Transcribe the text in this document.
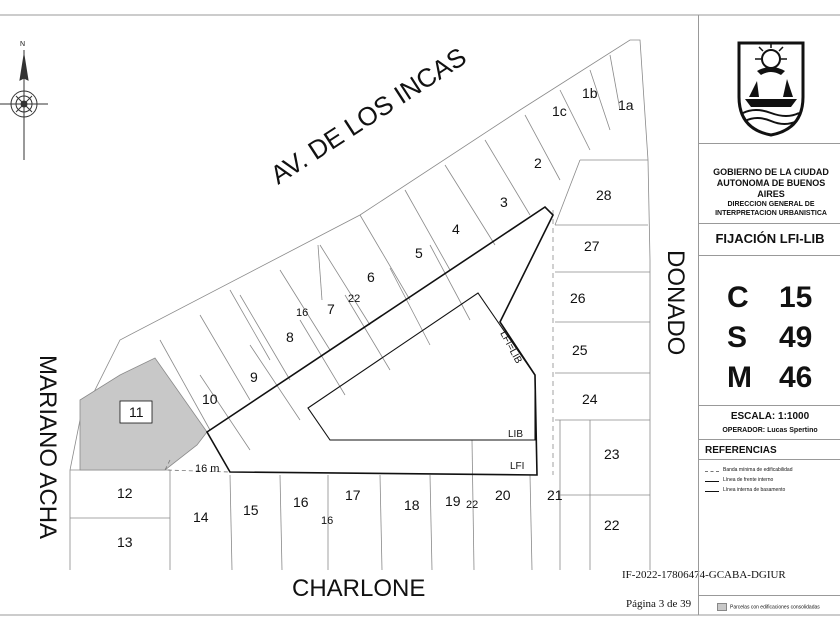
N	AV. DE LOS INCAS
DONADO
MARIANO ACHA
CHARLONE
1a
1b
1c
2
3
4
5
6
7
8
9
10
11
12
13
14 15 16	17
18 19 20	21
22
23
24
25
26
27
28
16
22
16 m
16
22
LFI=LIB
LIB
LFI
IF-2022-17806474-GCABA-DGIUR
Página 3 de 39
GOBIERNO DE LA CIUDAD
AUTONOMA DE BUENOS AIRES
DIRECCION GENERAL DE
INTERPRETACION URBANISTICA
FIJACIÓN LFI-LIB
C 15
S 49
M 46
ESCALA: 1:1000
OPERADOR: Lucas Spertino
REFERENCIAS
Banda mínima de edificabilidad
Línea de frente interno
Línea interna de basamento
Parcelas con edificaciones consolidadas
